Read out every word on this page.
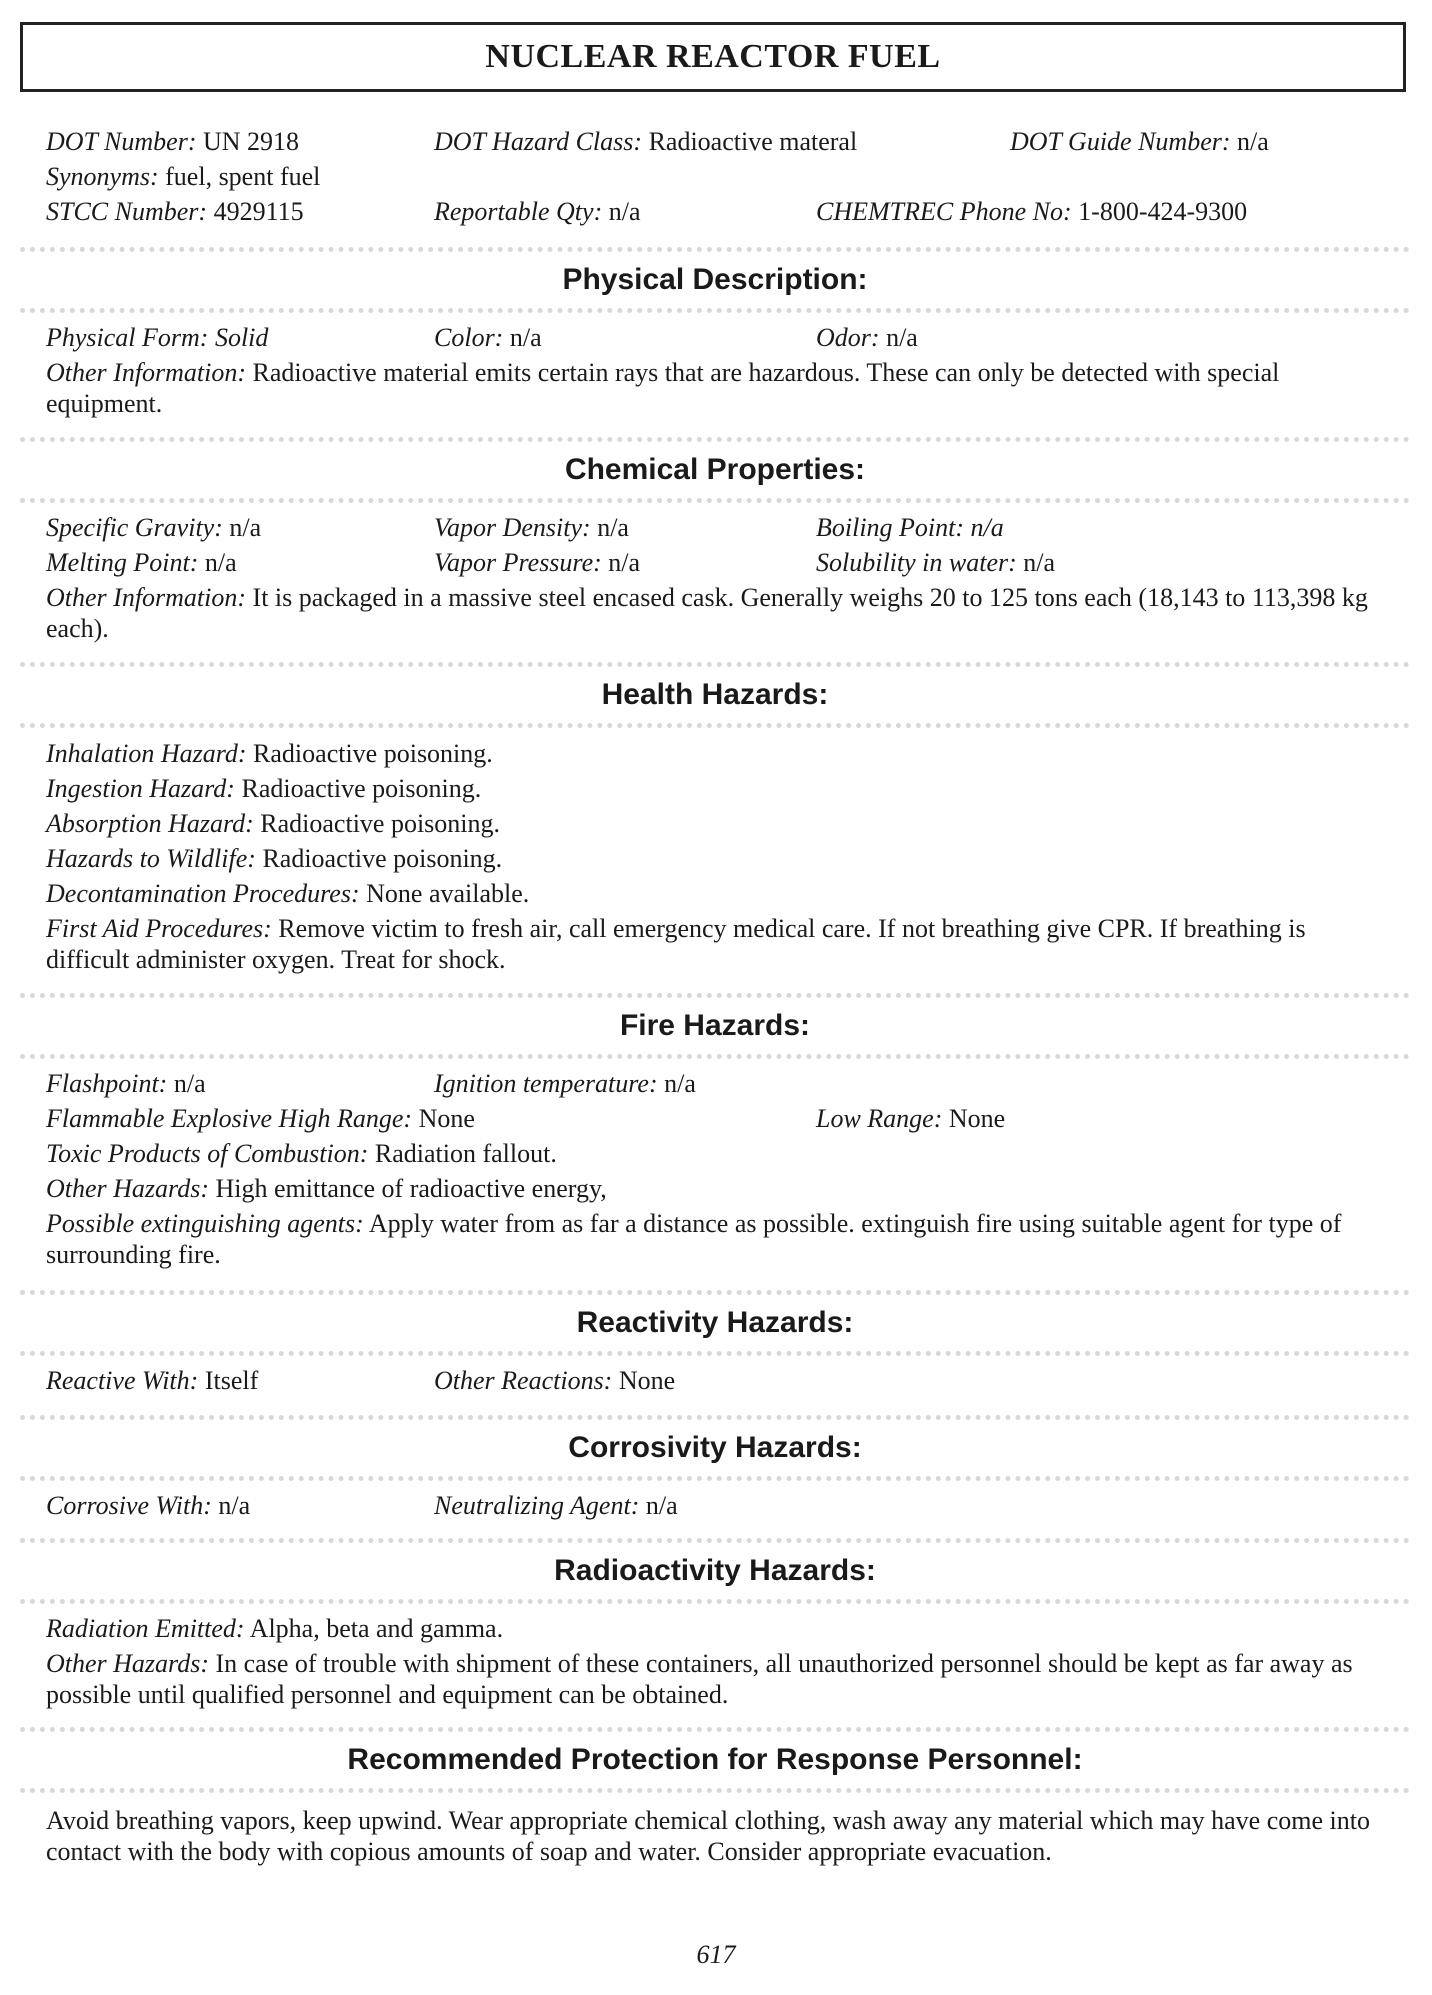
NUCLEAR REACTOR FUEL
DOT Number: UN 2918	DOT Hazard Class: Radioactive materal	DOT Guide Number: n/a
Synonyms: fuel, spent fuel
STCC Number: 4929115	Reportable Qty: n/a	CHEMTREC Phone No: 1-800-424-9300
Physical Description:
Physical Form: Solid	Color: n/a	Odor: n/a
Other Information: Radioactive material emits certain rays that are hazardous. These can only be detected with special equipment.
Chemical Properties:
Specific Gravity: n/a	Vapor Density: n/a	Boiling Point: n/a
Melting Point: n/a	Vapor Pressure: n/a	Solubility in water: n/a
Other Information: It is packaged in a massive steel encased cask. Generally weighs 20 to 125 tons each (18,143 to 113,398 kg each).
Health Hazards:
Inhalation Hazard: Radioactive poisoning.
Ingestion Hazard: Radioactive poisoning.
Absorption Hazard: Radioactive poisoning.
Hazards to Wildlife: Radioactive poisoning.
Decontamination Procedures: None available.
First Aid Procedures: Remove victim to fresh air, call emergency medical care. If not breathing give CPR. If breathing is difficult administer oxygen. Treat for shock.
Fire Hazards:
Flashpoint: n/a	Ignition temperature: n/a
Flammable Explosive High Range: None	Low Range: None
Toxic Products of Combustion: Radiation fallout.
Other Hazards: High emittance of radioactive energy,
Possible extinguishing agents: Apply water from as far a distance as possible. extinguish fire using suitable agent for type of surrounding fire.
Reactivity Hazards:
Reactive With: Itself	Other Reactions: None
Corrosivity Hazards:
Corrosive With: n/a	Neutralizing Agent: n/a
Radioactivity Hazards:
Radiation Emitted: Alpha, beta and gamma.
Other Hazards: In case of trouble with shipment of these containers, all unauthorized personnel should be kept as far away as possible until qualified personnel and equipment can be obtained.
Recommended Protection for Response Personnel:
Avoid breathing vapors, keep upwind. Wear appropriate chemical clothing, wash away any material which may have come into contact with the body with copious amounts of soap and water. Consider appropriate evacuation.
617
